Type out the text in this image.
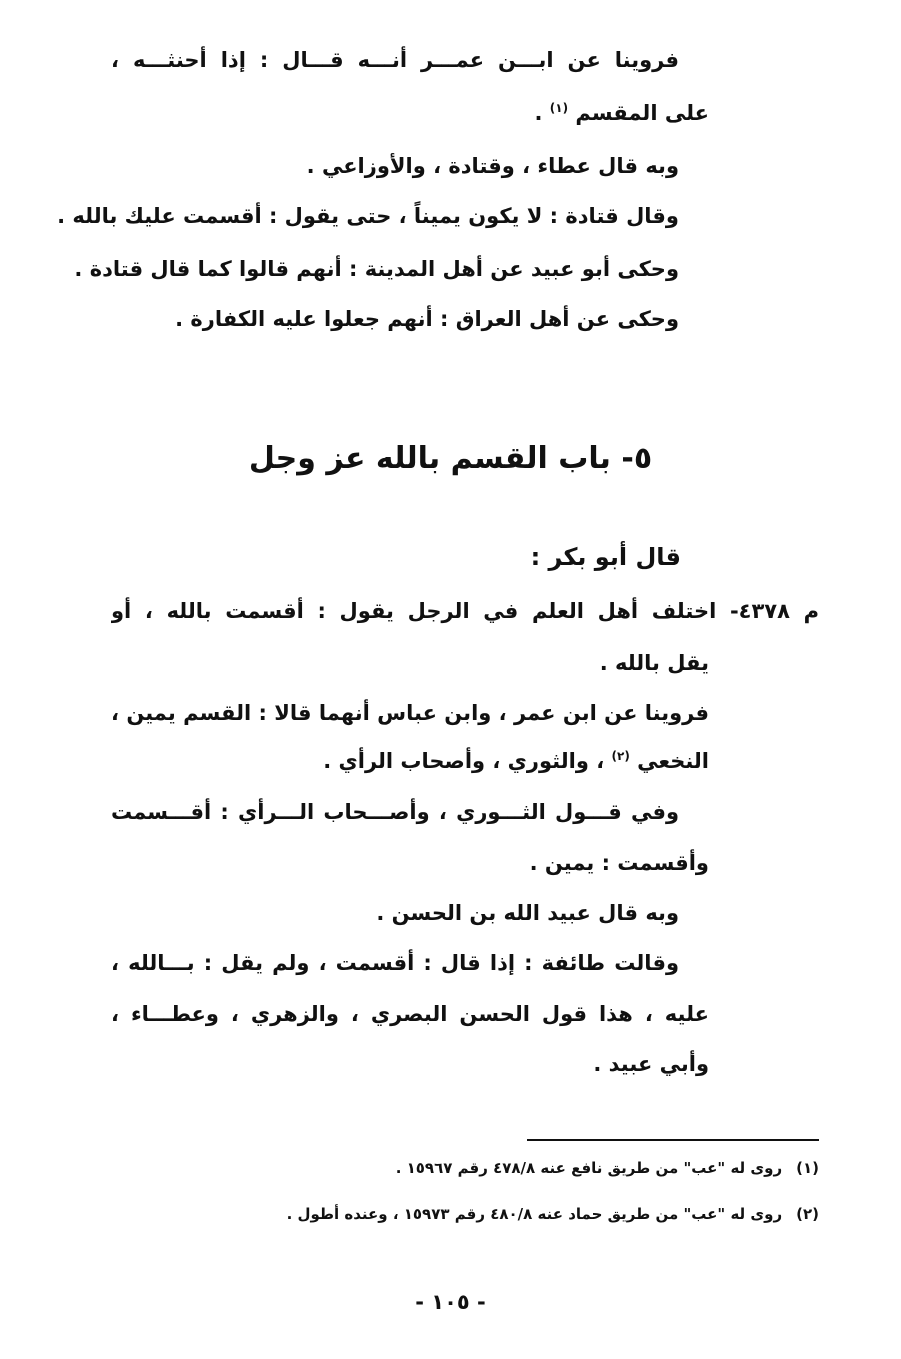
فروينا عن ابـــن عمـــر أنـــه قـــال : إذا أحنثـــه ،
على المقسم $^{(١)}$ .
وبه قال عطاء ، وقتادة ، والأوزاعي .
وقال قتادة : لا يكون يميناً ، حتى يقول : أقسمت عليك بالله .
وحكى أبو عبيد عن أهل المدينة : أنهم قالوا كما قال قتادة .
وحكى عن أهل العراق : أنهم جعلوا عليه الكفارة .
٥- باب القسم بالله عز وجل
قال أبو بكر :
م ٤٣٧٨- اختلف أهل العلم في الرجل يقول : أقسمت بالله ، أو
يقل بالله .
فروينا عن ابن عمر ، وابن عباس أنهما قالا : القسم يمين ،
النخعي $^{(٢)}$ ، والثوري ، وأصحاب الرأي .
وفي قـــول الثـــوري ، وأصـــحاب الـــرأي : أقـــسمت
وأقسمت : يمين .
وبه قال عبيد الله بن الحسن .
وقالت طائفة : إذا قال : أقسمت ، ولم يقل : بـــالله ،
عليه ، هذا قول الحسن البصري ، والزهري ، وعطـــاء ،
وأبي عبيد .
(١)روى له "عب" من طريق نافع عنه ٤٧٨/٨ رقم ١٥٩٦٧ .
(٢)روى له "عب" من طريق حماد عنه ٤٨٠/٨ رقم ١٥٩٧٣ ، وعنده أطول .
- ١٠٥ -
